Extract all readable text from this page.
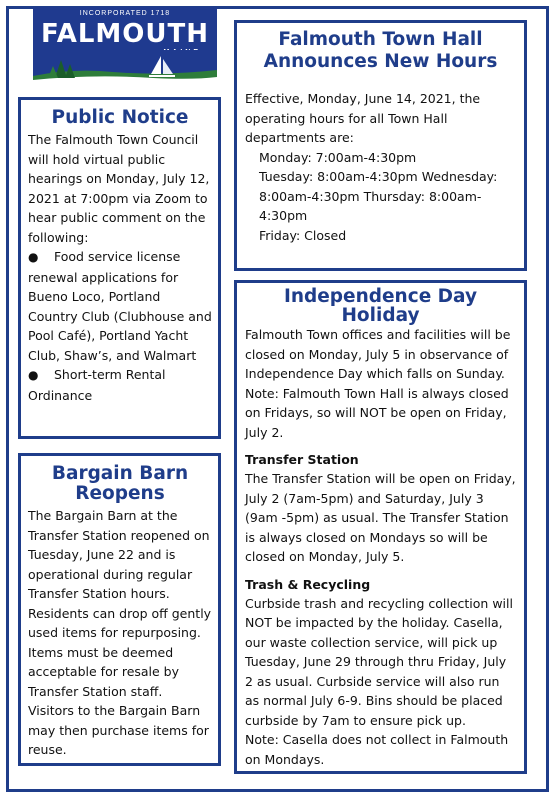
INCORPORATED 1718
FALMOUTH
Public Notice
The Falmouth Town Council will hold virtual public hearings on Monday, July 12, 2021 at 7:00pm via Zoom to hear public comment on the following:
● Food service license renewal applications for Bueno Loco, Portland Country Club (Clubhouse and Pool Café), Portland Yacht Club, Shaw’s, and Walmart
● Short-term Rental Ordinance
Bargain Barn
Reopens
The Bargain Barn at the Transfer Station reopened on Tuesday, June 22 and is operational during regular Transfer Station hours. Residents can drop off gently used items for repurposing. Items must be deemed acceptable for resale by Transfer Station staff. Visitors to the Bargain Barn may then purchase items for reuse.
Falmouth Town Hall
Announces New Hours
Effective, Monday, June 14, 2021, the operating hours for all Town Hall departments are:
Monday: 7:00am-4:30pm
Tuesday: 8:00am-4:30pm Wednesday: 8:00am-4:30pm Thursday: 8:00am-4:30pm
Friday: Closed
Independence Day
Holiday
Falmouth Town offices and facilities will be closed on Monday, July 5 in observance of Independence Day which falls on Sunday. Note: Falmouth Town Hall is always closed on Fridays, so will NOT be open on Friday, July 2.
Transfer Station
The Transfer Station will be open on Friday, July 2 (7am-5pm) and Saturday, July 3 (9am -5pm) as usual. The Transfer Station is always closed on Mondays so will be closed on Monday, July 5.
Trash & Recycling
Curbside trash and recycling collection will NOT be impacted by the holiday. Casella, our waste collection service, will pick up Tuesday, June 29 through thru Friday, July 2 as usual. Curbside service will also run as normal July 6-9. Bins should be placed curbside by 7am to ensure pick up.
Note: Casella does not collect in Falmouth on Mondays.
